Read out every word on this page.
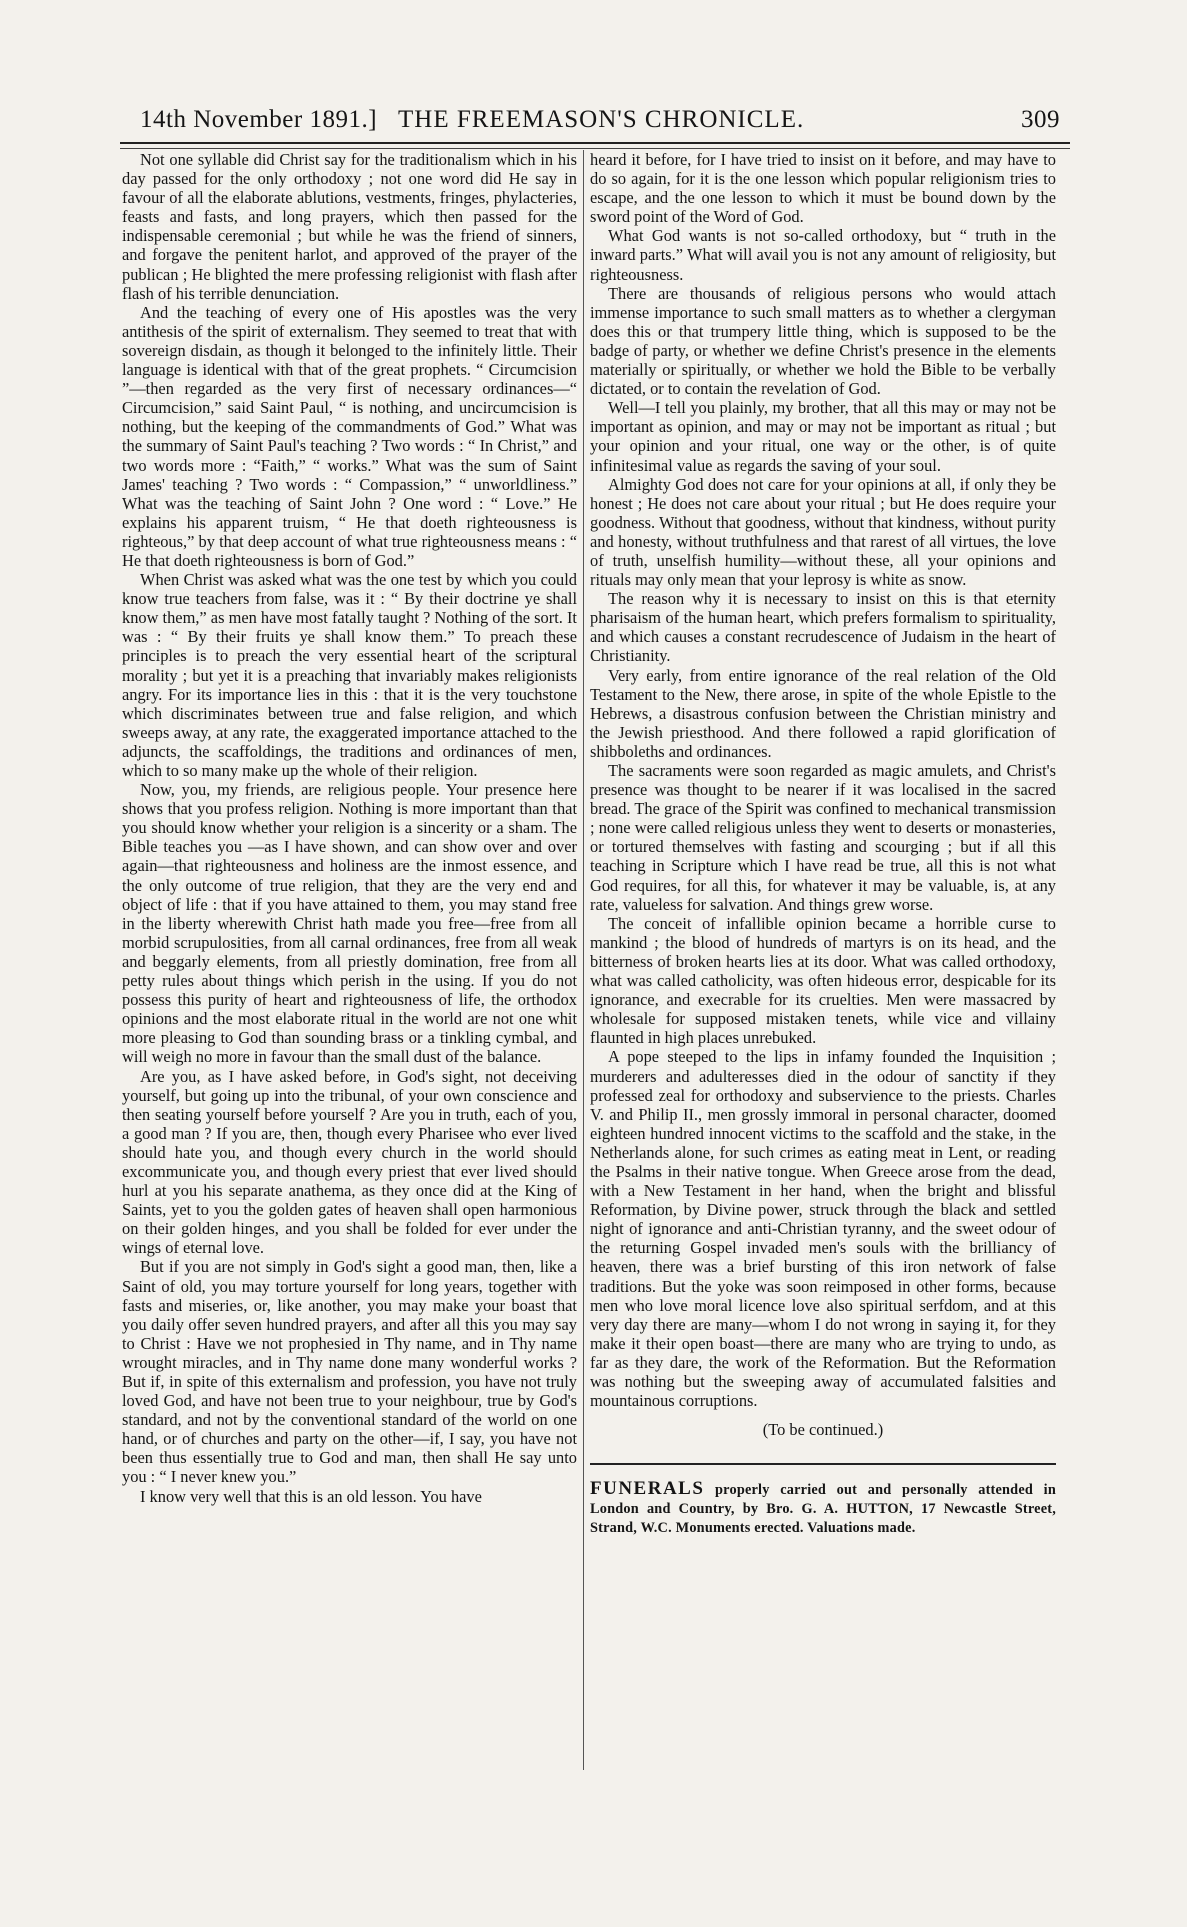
14th November 1891.] THE FREEMASON'S CHRONICLE.	309

Not one syllable did Christ say for the traditionalism which in his day passed for the only orthodoxy ; not one word did He say in favour of all the elaborate ablutions, vestments, fringes, phylacteries, feasts and fasts, and long prayers, which then passed for the indispensable ceremonial ; but while he was the friend of sinners, and forgave the penitent harlot, and approved of the prayer of the publican ; He blighted the mere professing religionist with flash after flash of his terrible denunciation.

And the teaching of every one of His apostles was the very antithesis of the spirit of externalism. They seemed to treat that with sovereign disdain, as though it belonged to the infinitely little. Their language is identical with that of the great prophets. “ Circumcision ”—then regarded as the very first of necessary ordinances—“ Circumcision,” said Saint Paul, “ is nothing, and uncircumcision is nothing, but the keeping of the commandments of God.” What was the summary of Saint Paul's teaching ? Two words : “ In Christ,” and two words more : “Faith,” “ works.” What was the sum of Saint James' teaching ? Two words : “ Compassion,” “ unworldliness.” What was the teaching of Saint John ? One word : “ Love.” He explains his apparent truism, “ He that doeth righteousness is righteous,” by that deep account of what true righteousness means : “ He that doeth righteousness is born of God.”

When Christ was asked what was the one test by which you could know true teachers from false, was it : “ By their doctrine ye shall know them,” as men have most fatally taught ? Nothing of the sort. It was : “ By their fruits ye shall know them.” To preach these principles is to preach the very essential heart of the scriptural morality ; but yet it is a preaching that invariably makes religionists angry. For its importance lies in this : that it is the very touchstone which discriminates between true and false religion, and which sweeps away, at any rate, the exaggerated importance attached to the adjuncts, the scaffoldings, the traditions and ordinances of men, which to so many make up the whole of their religion.

Now, you, my friends, are religious people. Your presence here shows that you profess religion. Nothing is more important than that you should know whether your religion is a sincerity or a sham. The Bible teaches you —as I have shown, and can show over and over again—that righteousness and holiness are the inmost essence, and the only outcome of true religion, that they are the very end and object of life : that if you have attained to them, you may stand free in the liberty wherewith Christ hath made you free—free from all morbid scrupulosities, from all carnal ordinances, free from all weak and beggarly elements, from all priestly domination, free from all petty rules about things which perish in the using. If you do not possess this purity of heart and righteousness of life, the orthodox opinions and the most elaborate ritual in the world are not one whit more pleasing to God than sounding brass or a tinkling cymbal, and will weigh no more in favour than the small dust of the balance.

Are you, as I have asked before, in God's sight, not deceiving yourself, but going up into the tribunal, of your own conscience and then seating yourself before yourself ? Are you in truth, each of you, a good man ? If you are, then, though every Pharisee who ever lived should hate you, and though every church in the world should excommunicate you, and though every priest that ever lived should hurl at you his separate anathema, as they once did at the King of Saints, yet to you the golden gates of heaven shall open harmonious on their golden hinges, and you shall be folded for ever under the wings of eternal love.

But if you are not simply in God's sight a good man, then, like a Saint of old, you may torture yourself for long years, together with fasts and miseries, or, like another, you may make your boast that you daily offer seven hundred prayers, and after all this you may say to Christ : Have we not prophesied in Thy name, and in Thy name wrought miracles, and in Thy name done many wonderful works ? But if, in spite of this externalism and profession, you have not truly loved God, and have not been true to your neighbour, true by God's standard, and not by the conventional standard of the world on one hand, or of churches and party on the other—if, I say, you have not been thus essentially true to God and man, then shall He say unto you : “ I never knew you.”

I know very well that this is an old lesson. You have

heard it before, for I have tried to insist on it before, and may have to do so again, for it is the one lesson which popular religionism tries to escape, and the one lesson to which it must be bound down by the sword point of the Word of God.

What God wants is not so-called orthodoxy, but “ truth in the inward parts.” What will avail you is not any amount of religiosity, but righteousness.

There are thousands of religious persons who would attach immense importance to such small matters as to whether a clergyman does this or that trumpery little thing, which is supposed to be the badge of party, or whether we define Christ's presence in the elements materially or spiritually, or whether we hold the Bible to be verbally dictated, or to contain the revelation of God.

Well—I tell you plainly, my brother, that all this may or may not be important as opinion, and may or may not be important as ritual ; but your opinion and your ritual, one way or the other, is of quite infinitesimal value as regards the saving of your soul.

Almighty God does not care for your opinions at all, if only they be honest ; He does not care about your ritual ; but He does require your goodness. Without that goodness, without that kindness, without purity and honesty, without truthfulness and that rarest of all virtues, the love of truth, unselfish humility—without these, all your opinions and rituals may only mean that your leprosy is white as snow.

The reason why it is necessary to insist on this is that eternity pharisaism of the human heart, which prefers formalism to spirituality, and which causes a constant recrudescence of Judaism in the heart of Christianity.

Very early, from entire ignorance of the real relation of the Old Testament to the New, there arose, in spite of the whole Epistle to the Hebrews, a disastrous confusion between the Christian ministry and the Jewish priesthood. And there followed a rapid glorification of shibboleths and ordinances.

The sacraments were soon regarded as magic amulets, and Christ's presence was thought to be nearer if it was localised in the sacred bread. The grace of the Spirit was confined to mechanical transmission ; none were called religious unless they went to deserts or monasteries, or tortured themselves with fasting and scourging ; but if all this teaching in Scripture which I have read be true, all this is not what God requires, for all this, for whatever it may be valuable, is, at any rate, valueless for salvation. And things grew worse.

The conceit of infallible opinion became a horrible curse to mankind ; the blood of hundreds of martyrs is on its head, and the bitterness of broken hearts lies at its door. What was called orthodoxy, what was called catholicity, was often hideous error, despicable for its ignorance, and execrable for its cruelties. Men were massacred by wholesale for supposed mistaken tenets, while vice and villainy flaunted in high places unrebuked.

A pope steeped to the lips in infamy founded the Inquisition ; murderers and adulteresses died in the odour of sanctity if they professed zeal for orthodoxy and subservience to the priests. Charles V. and Philip II., men grossly immoral in personal character, doomed eighteen hundred innocent victims to the scaffold and the stake, in the Netherlands alone, for such crimes as eating meat in Lent, or reading the Psalms in their native tongue. When Greece arose from the dead, with a New Testament in her hand, when the bright and blissful Reformation, by Divine power, struck through the black and settled night of ignorance and anti-Christian tyranny, and the sweet odour of the returning Gospel invaded men's souls with the brilliancy of heaven, there was a brief bursting of this iron network of false traditions. But the yoke was soon reimposed in other forms, because men who love moral licence love also spiritual serfdom, and at this very day there are many—whom I do not wrong in saying it, for they make it their open boast—there are many who are trying to undo, as far as they dare, the work of the Reformation. But the Reformation was nothing but the sweeping away of accumulated falsities and mountainous corruptions.

(To be continued.)
FUNERALS properly carried out and personally attended in London and Country, by Bro. G. A. HUTTON, 17 Newcastle Street, Strand, W.C. Monuments erected. Valuations made.
